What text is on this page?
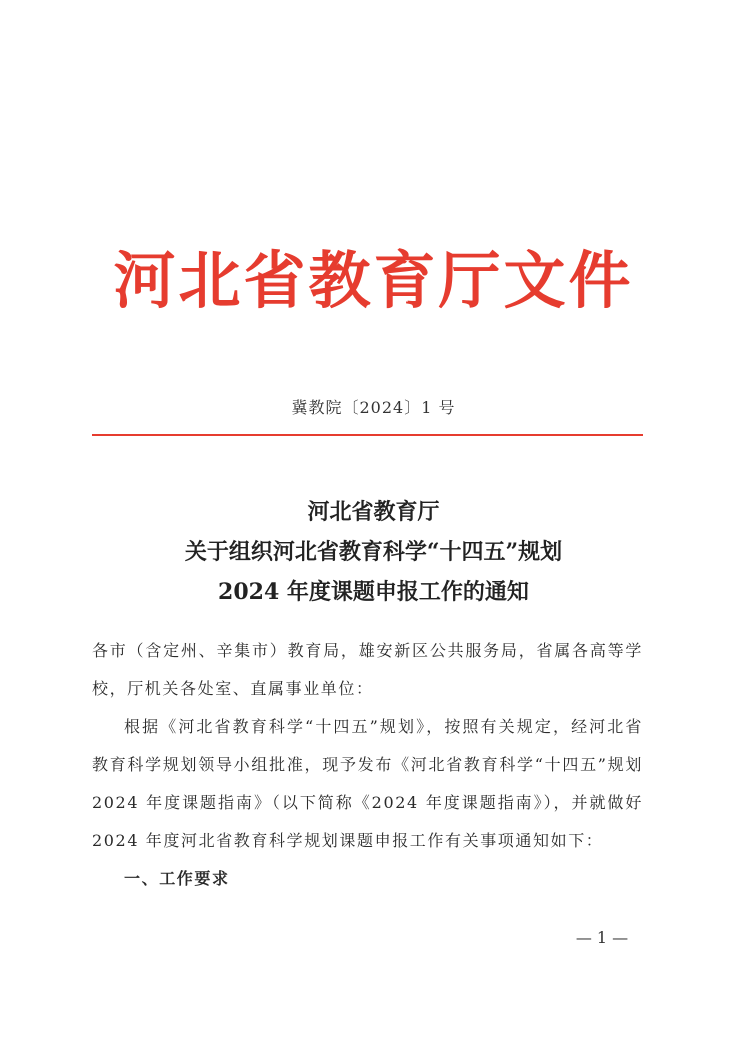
河北省教育厅文件
冀教院〔2024〕1 号
河北省教育厅
关于组织河北省教育科学“十四五”规划
2024 年度课题申报工作的通知

各市（含定州、辛集市）教育局，雄安新区公共服务局，省属各高等学校，厅机关各处室、直属事业单位：

根据《河北省教育科学“十四五”规划》，按照有关规定，经河北省教育科学规划领导小组批准，现予发布《河北省教育科学“十四五”规划 2024 年度课题指南》（以下简称《2024 年度课题指南》），并就做好 2024 年度河北省教育科学规划课题申报工作有关事项通知如下：

一、工作要求

— 1 —
